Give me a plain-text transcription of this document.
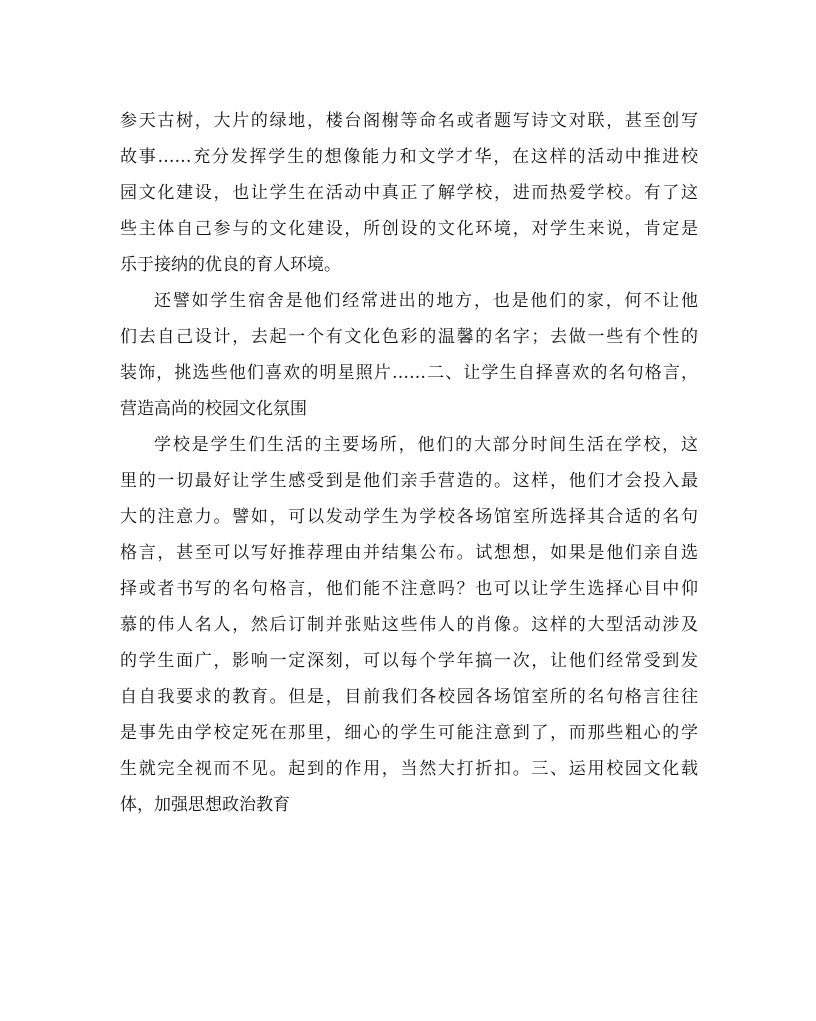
参天古树，大片的绿地，楼台阁榭等命名或者题写诗文对联，甚至创写
故事……充分发挥学生的想像能力和文学才华，在这样的活动中推进校
园文化建设，也让学生在活动中真正了解学校，进而热爱学校。有了这
些主体自己参与的文化建设，所创设的文化环境，对学生来说，肯定是
乐于接纳的优良的育人环境。
还譬如学生宿舍是他们经常进出的地方，也是他们的家，何不让他
们去自己设计，去起一个有文化色彩的温馨的名字；去做一些有个性的
装饰，挑选些他们喜欢的明星照片……二、让学生自择喜欢的名句格言，
营造高尚的校园文化氛围
学校是学生们生活的主要场所，他们的大部分时间生活在学校，这
里的一切最好让学生感受到是他们亲手营造的。这样，他们才会投入最
大的注意力。譬如，可以发动学生为学校各场馆室所选择其合适的名句
格言，甚至可以写好推荐理由并结集公布。试想想，如果是他们亲自选
择或者书写的名句格言，他们能不注意吗？也可以让学生选择心目中仰
慕的伟人名人，然后订制并张贴这些伟人的肖像。这样的大型活动涉及
的学生面广，影响一定深刻，可以每个学年搞一次，让他们经常受到发
自自我要求的教育。但是，目前我们各校园各场馆室所的名句格言往往
是事先由学校定死在那里，细心的学生可能注意到了，而那些粗心的学
生就完全视而不见。起到的作用，当然大打折扣。三、运用校园文化载
体，加强思想政治教育
